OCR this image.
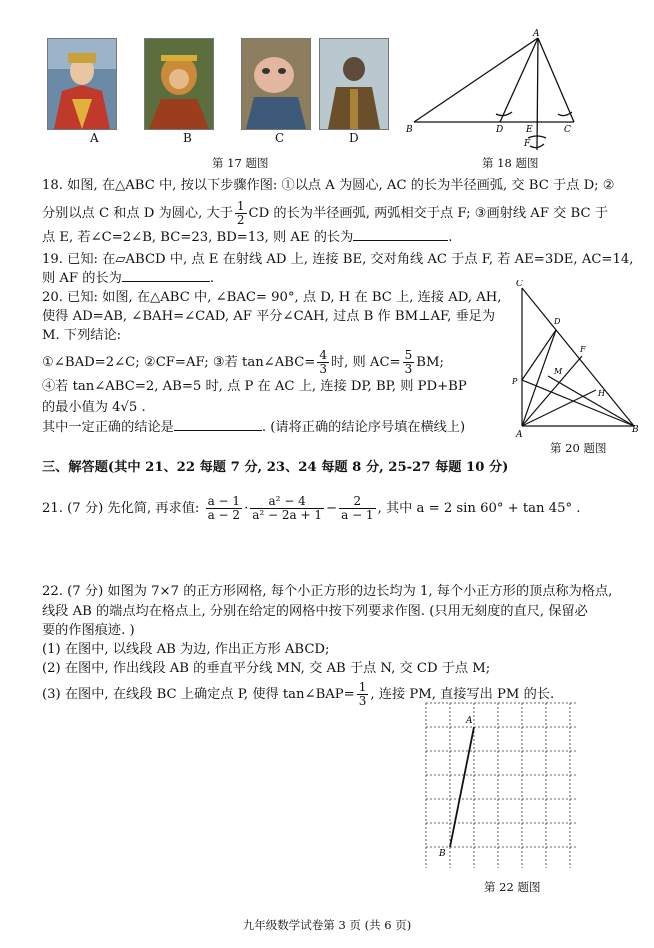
A	B	C	D
第 17 题图
A
B	C
D	E
F
第 18 题图
18. 如图, 在△ABC 中, 按以下步骤作图: ①以点 A 为圆心, AC 的长为半径画弧, 交 BC 于点 D; ②
分别以点 C 和点 D 为圆心, 大于 $\frac{1}{2}$ CD 的长为半径画弧, 两弧相交于点 F; ③画射线 AF 交 BC 于
点 E, 若∠C=2∠B, BC=23, BD=13, 则 AE 的长为	.
19. 已知: 在▱ABCD 中, 点 E 在射线 AD 上, 连接 BE, 交对角线 AC 于点 F, 若 AE=3DE, AC=14,
则 AF 的长为	.
20. 已知: 如图, 在△ABC 中, ∠BAC= 90°, 点 D, H 在 BC 上, 连接 AD, AH,
使得 AD=AB, ∠BAH=∠CAD, AF 平分∠CAH, 过点 B 作 BM⊥AF, 垂足为
M. 下列结论:
①∠BAD=2∠C; ②CF=AF; ③若 tan∠ABC= $\frac{4}{3}$ 时, 则 $AC= \frac{5}{3}$ BM;
④若 tan∠ABC=2, AB=5 时, 点 P 在 AC 上, 连接 DP, BP, 则 PD+BP
的最小值为 4√5 .
其中一定正确的结论是	. (请将正确的结论序号填在横线上)
C
D
F
M
H
P
A	B
第 20 题图
三、解答题(其中 21、22 每题 7 分, 23、24 每题 8 分, 25-27 每题 10 分)
21. (7 分) 先化简, 再求值: $\frac{a - 1}{a - 2} \cdot \frac{\text{a² − 4}}{\text{a² − 2a + 1}} - \frac{2}{a - 1}$ , 其中 a = 2 sin 60° + tan 45° .
22. (7 分) 如图为 7×7 的正方形网格, 每个小正方形的边长均为 1, 每个小正方形的顶点称为格点,
线段 AB 的端点均在格点上, 分别在给定的网格中按下列要求作图. (只用无刻度的直尺, 保留必
要的作图痕迹. )
(1) 在图中, 以线段 AB 为边, 作出正方形 ABCD;
(2) 在图中, 作出线段 AB 的垂直平分线 MN, 交 AB 于点 N, 交 CD 于点 M;
(3) 在图中, 在线段 BC 上确定点 P, 使得 tan∠BAP= $\frac{1}{3}$ , 连接 PM, 直接写出 PM 的长.
A
B
第 22 题图
九年级数学试卷第 3 页 (共 6 页)
